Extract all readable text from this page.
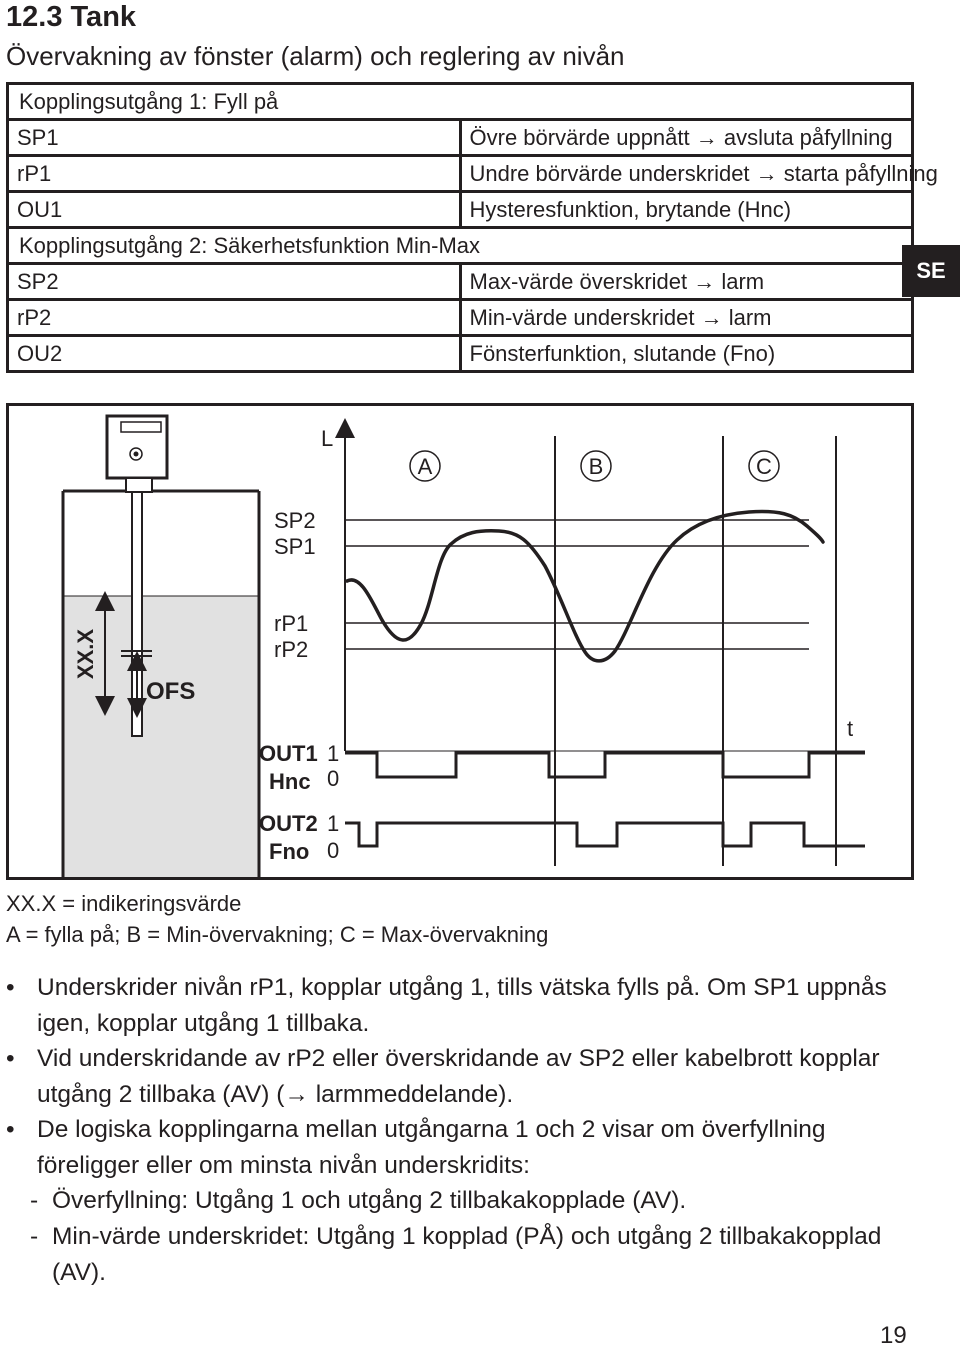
12.3 Tank
Övervakning av fönster (alarm) och reglering av nivån
Kopplingsutgång 1: Fyll på	
SP1	Övre börvärde uppnått → avsluta påfyllning
rP1	Undre börvärde underskridet → starta påfyllning
OU1	Hysteresfunktion, brytande (Hnc)
Kopplingsutgång 2: Säkerhetsfunktion Min-Max	
SP2	Max-värde överskridet → larm
rP2	Min-värde underskridet → larm
OU2	Fönsterfunktion, slutande (Fno)
SE
XX.X
OFS
L
t
A	B	C
SP2
SP1
rP1
rP2
OUT1
Hnc
1
0
OUT2
Fno
1
0
XX.X = indikeringsvärde
A = fylla på; B = Min-övervakning; C = Max-övervakning
• Underskrider nivån rP1, kopplar utgång 1, tills vätska fylls på. Om SP1 uppnås igen, kopplar utgång 1 tillbaka.
• Vid underskridande av rP2 eller överskridande av SP2 eller kabelbrott kopplar utgång 2 tillbaka (AV) (→ larmmeddelande).
• De logiska kopplingarna mellan utgångarna 1 och 2 visar om överfyllning föreligger eller om minsta nivån underskridits:
- Överfyllning: Utgång 1 och utgång 2 tillbakakopplade (AV).
- Min-värde underskridet: Utgång 1 kopplad (PÅ) och utgång 2 tillbakakopplad (AV).
19
